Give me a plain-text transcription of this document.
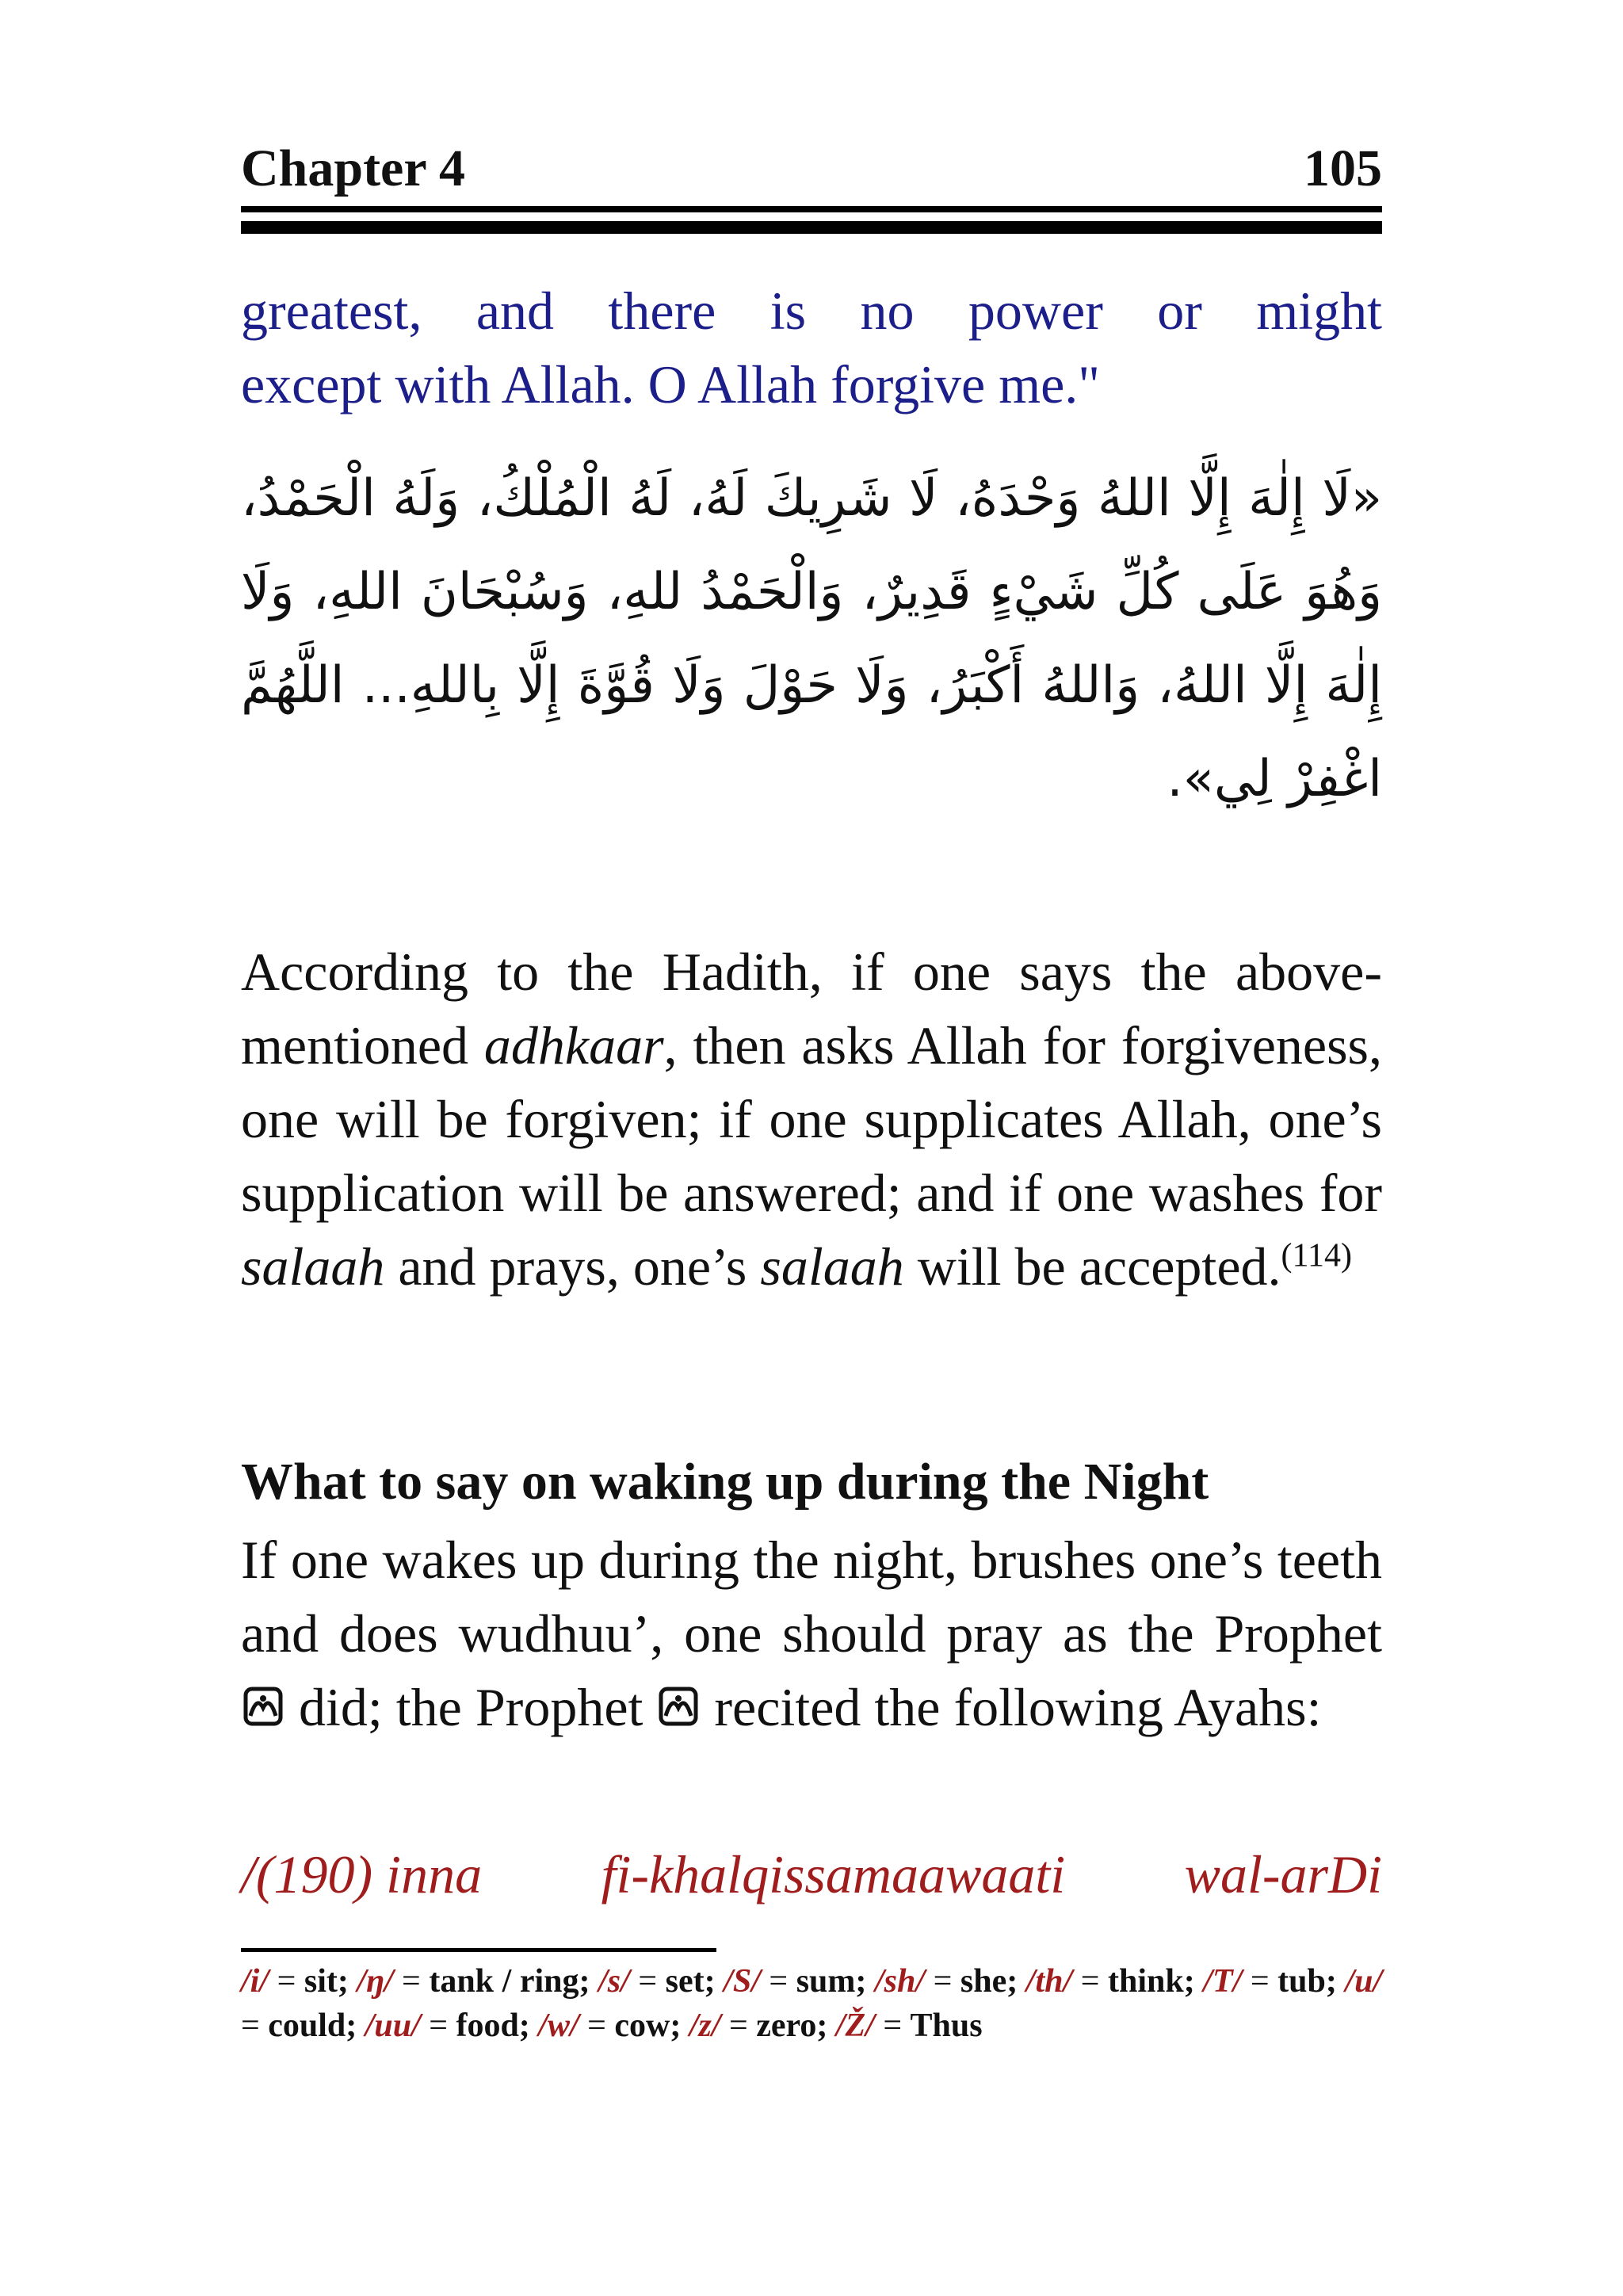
Chapter 4	105
greatest, and there is no power or might
except with Allah. O Allah forgive me."
«لَا إِلٰهَ إِلَّا اللهُ وَحْدَهُ، لَا شَرِيكَ لَهُ، لَهُ الْمُلْكُ، وَلَهُ الْحَمْدُ، وَهُوَ عَلَى كُلِّ شَيْءٍ قَدِيرٌ، وَالْحَمْدُ للهِ، وَسُبْحَانَ اللهِ، وَلَا إِلٰهَ إِلَّا اللهُ، وَاللهُ أَكْبَرُ، وَلَا حَوْلَ وَلَا قُوَّةَ إِلَّا بِاللهِ... اللَّهُمَّ اغْفِرْ لِي».
According to the Hadith, if one says the above-mentioned adhkaar, then asks Allah for forgiveness, one will be forgiven; if one supplicates Allah, one’s supplication will be answered; and if one washes for salaah and prays, one’s salaah will be accepted.$^{(114)}$
What to say on waking up during the Night
If one wakes up during the night, brushes one’s teeth and does wudhuu’, one should pray as the Prophet  did; the Prophet  recited the following Ayahs:
/(190) inna fi-khalqissamaawaati wal-arDi
/i/ = sit; /ŋ/ = tank / ring; /s/ = set; /S/ = sum; /sh/ = she; /th/ = think; /T/ = tub; /u/ = could; /uu/ = food; /w/ = cow; /z/ = zero; /Ž/ = Thus
